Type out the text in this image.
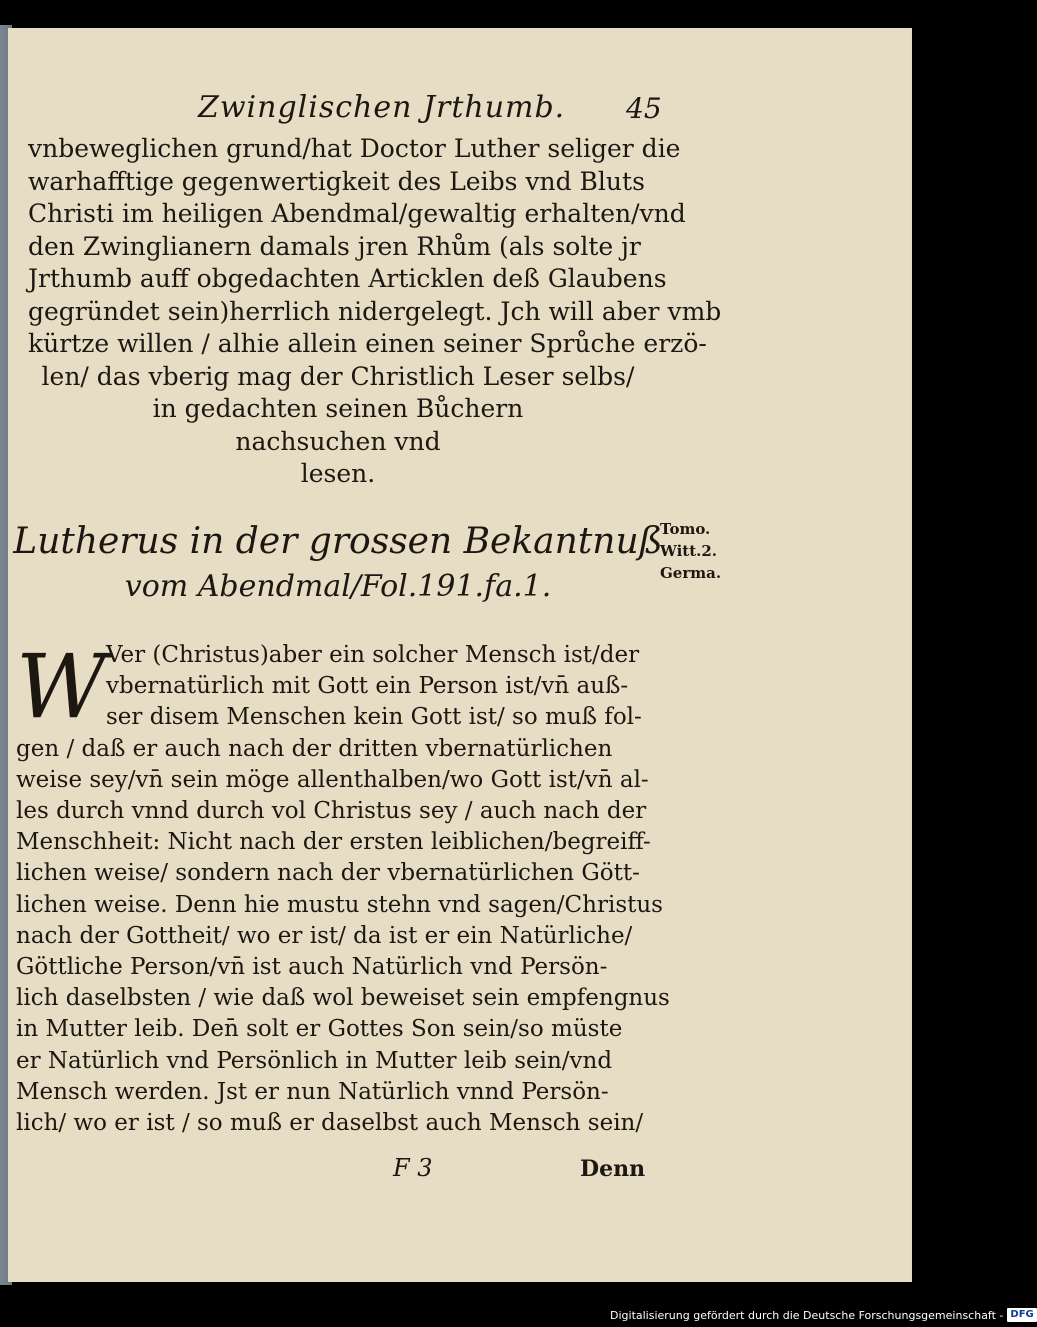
Zwinglischen Jrthumb. 45
vnbeweglichen grund/hat Doctor Luther seliger die
warhafftige gegenwertigkeit des Leibs vnd Bluts
Christi im heiligen Abendmal/gewaltig erhalten/vnd
den Zwinglianern damals jren Rhům (als solte jr
Jrthumb auff obgedachten Articklen deß Glaubens
gegründet sein)herrlich nidergelegt. Jch will aber vmb
kürtze willen / alhie allein einen seiner Sprůche erzö-
len/ das vberig mag der Christlich Leser selbs/
in gedachten seinen Bůchern
nachsuchen vnd
lesen.
Lutherus in der grossen Bekantnuß
vom Abendmal/Fol.191.fa.1.
Tomo.
Witt.2.
Germa.
W Ver (Christus)aber ein solcher Mensch ist/der
vbernatürlich mit Gott ein Person ist/vn̄ auß-
ser disem Menschen kein Gott ist/ so muß fol-
gen / daß er auch nach der dritten vbernatürlichen
weise sey/vn̄ sein möge allenthalben/wo Gott ist/vn̄ al-
les durch vnnd durch vol Christus sey / auch nach der
Menschheit: Nicht nach der ersten leiblichen/begreiff-
lichen weise/ sondern nach der vbernatürlichen Gött-
lichen weise. Denn hie mustu stehn vnd sagen/Christus
nach der Gottheit/ wo er ist/ da ist er ein Natürliche/
Göttliche Person/vn̄ ist auch Natürlich vnd Persön-
lich daselbsten / wie daß wol beweiset sein empfengnus
in Mutter leib. Den̄ solt er Gottes Son sein/so müste
er Natürlich vnd Persönlich in Mutter leib sein/vnd
Mensch werden. Jst er nun Natürlich vnnd Persön-
lich/ wo er ist / so muß er daselbst auch Mensch sein/
F 3	Denn
Digitalisierung gefördert durch die Deutsche Forschungsgemeinschaft - DFG
